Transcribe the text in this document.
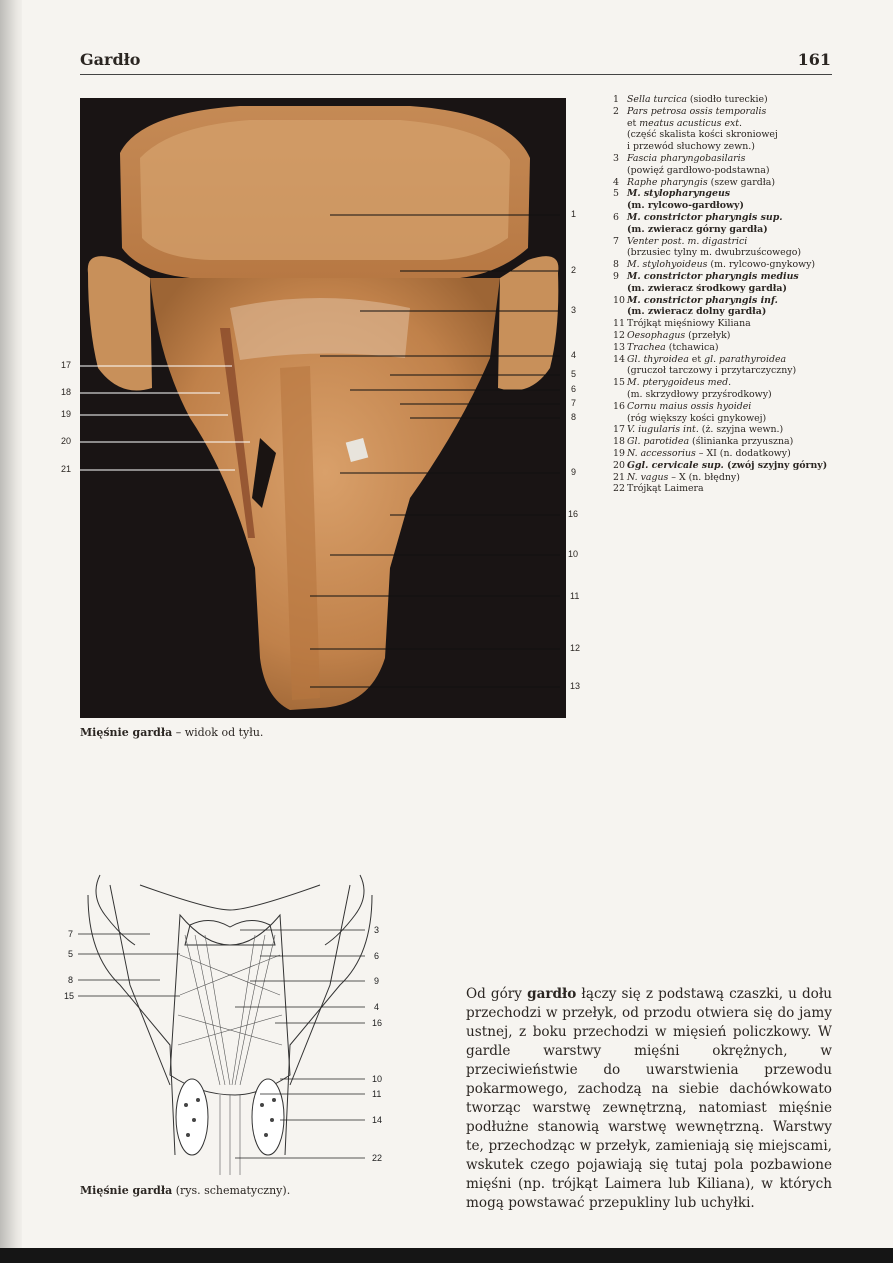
Gardło	161
17
18
19
20
21
1
2
3
4
5
6
7
8
9
16
10
11
12
13
Mięśnie gardła – widok od tyłu.
1 Sella turcica (siodło tureckie)
2 Pars petrosa ossis temporalis
et meatus acusticus ext.
(część skalista kości skroniowej
i przewód słuchowy zewn.)
3 Fascia pharyngobasilaris
(powięź gardłowo-podstawna)
4 Raphe pharyngis (szew gardła)
5 M. stylopharyngeus
(m. rylcowo-gardłowy)
6 M. constrictor pharyngis sup.
(m. zwieracz górny gardła)
7 Venter post. m. digastrici
(brzusiec tylny m. dwubrzuścowego)
8 M. stylohyoideus (m. rylcowo-gnykowy)
9 M. constrictor pharyngis medius
(m. zwieracz środkowy gardła)
10 M. constrictor pharyngis inf.
(m. zwieracz dolny gardła)
11 Trójkąt mięśniowy Kiliana
12 Oesophagus (przełyk)
13 Trachea (tchawica)
14 Gl. thyroidea et gl. parathyroidea
(gruczoł tarczowy i przytarczyczny)
15 M. pterygoideus med.
(m. skrzydłowy przyśrodkowy)
16 Cornu maius ossis hyoidei
(róg większy kości gnykowej)
17 V. iugularis int. (ż. szyjna wewn.)
18 Gl. parotidea (ślinianka przyuszna)
19 N. accessorius – XI (n. dodatkowy)
20 Ggl. cervicale sup. (zwój szyjny górny)
21 N. vagus – X (n. błędny)
22 Trójkąt Laimera
7
5
8
15
3
6
9
4
16
10
11
14
22
Mięśnie gardła (rys. schematyczny).
Od góry gardło łączy się z podstawą czaszki, u dołu przechodzi w przełyk, od przodu otwiera się do jamy ustnej, z boku przechodzi w mięsień policzkowy. W gardle warstwy mięśni okrężnych, w przeciwieństwie do uwarstwienia przewodu pokarmowego, zachodzą na siebie dachówkowato tworząc warstwę zewnętrzną, natomiast mięśnie podłużne stanowią warstwę wewnętrzną. Warstwy te, przechodząc w przełyk, zamieniają się miejscami, wskutek czego pojawiają się tutaj pola pozbawione mięśni (np. trójkąt Laimera lub Kiliana), w których mogą powstawać przepukliny lub uchyłki.
